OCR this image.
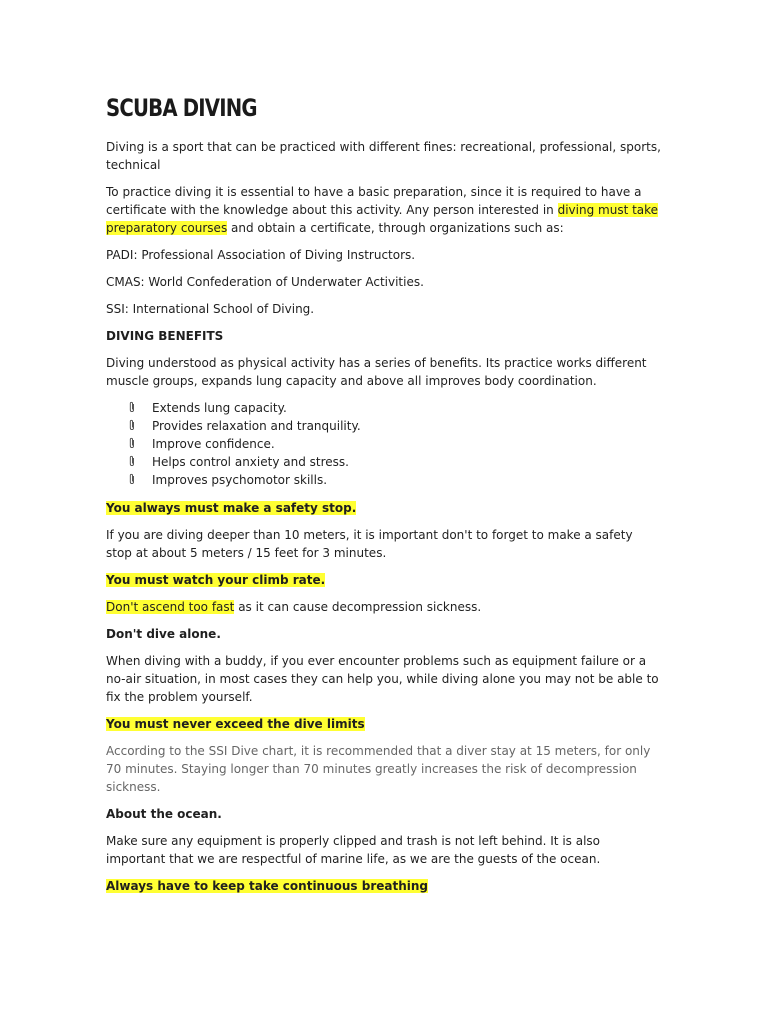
SCUBA DIVING

Diving is a sport that can be practiced with different fines: recreational, professional, sports, technical

To practice diving it is essential to have a basic preparation, since it is required to have a certificate with the knowledge about this activity. Any person interested in diving must take preparatory courses and obtain a certificate, through organizations such as:

PADI: Professional Association of Diving Instructors.

CMAS: World Confederation of Underwater Activities.

SSI: International School of Diving.

DIVING BENEFITS

Diving understood as physical activity has a series of benefits. Its practice works different muscle groups, expands lung capacity and above all improves body coordination.

Extends lung capacity.
Provides relaxation and tranquility.
Improve confidence.
Helps control anxiety and stress.
Improves psychomotor skills.
You always must make a safety stop.

If you are diving deeper than 10 meters, it is important don't to forget to make a safety stop at about 5 meters / 15 feet for 3 minutes.

You must watch your climb rate.

Don't ascend too fast as it can cause decompression sickness.

Don't dive alone.

When diving with a buddy, if you ever encounter problems such as equipment failure or a no-air situation, in most cases they can help you, while diving alone you may not be able to fix the problem yourself.

You must never exceed the dive limits

According to the SSI Dive chart, it is recommended that a diver stay at 15 meters, for only 70 minutes. Staying longer than 70 minutes greatly increases the risk of decompression sickness.

About the ocean.

Make sure any equipment is properly clipped and trash is not left behind. It is also important that we are respectful of marine life, as we are the guests of the ocean.

Always have to keep take continuous breathing
